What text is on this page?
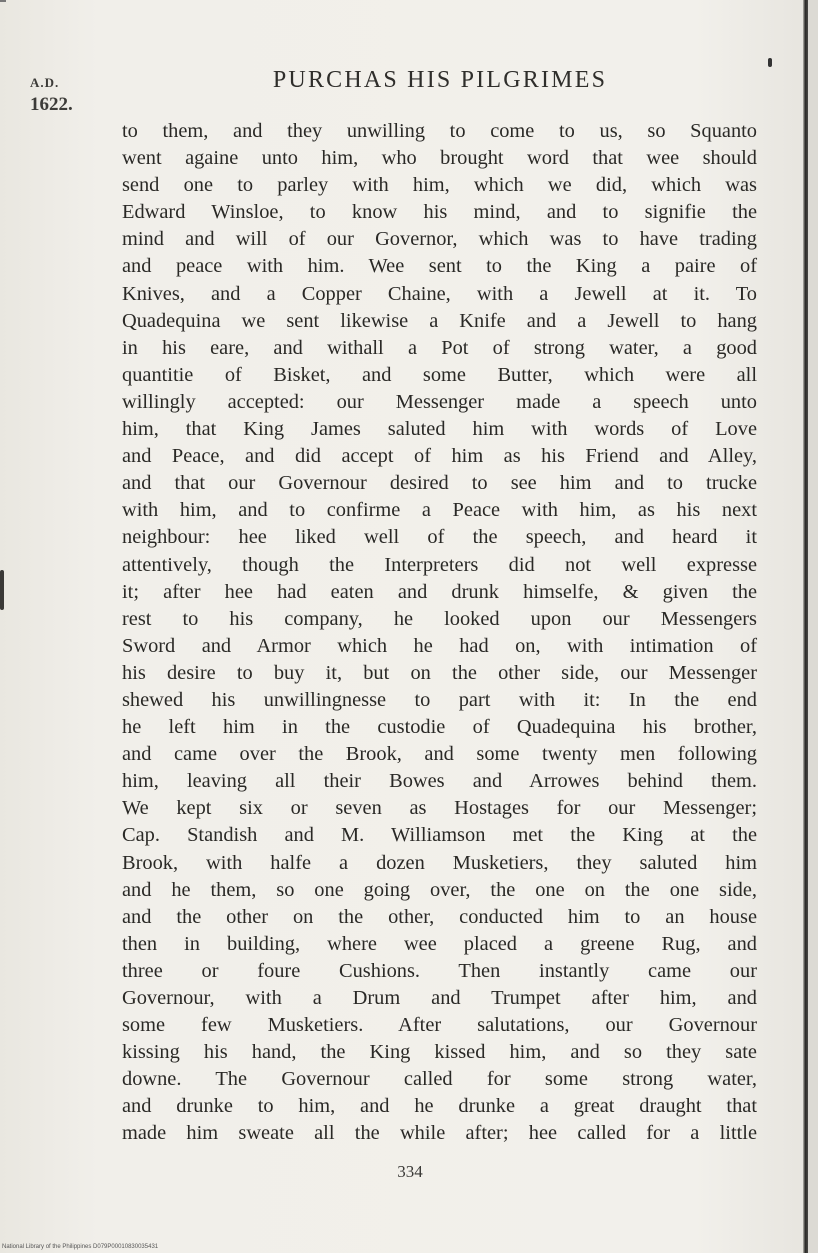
A.D.
1622.
PURCHAS HIS PILGRIMES
to them, and they unwilling to come to us, so Squanto
went againe unto him, who brought word that wee should
send one to parley with him, which we did, which was
Edward Winsloe, to know his mind, and to signifie the
mind and will of our Governor, which was to have trading
and peace with him. Wee sent to the King a paire of
Knives, and a Copper Chaine, with a Jewell at it. To
Quadequina we sent likewise a Knife and a Jewell to hang
in his eare, and withall a Pot of strong water, a good
quantitie of Bisket, and some Butter, which were all
willingly accepted: our Messenger made a speech unto
him, that King James saluted him with words of Love
and Peace, and did accept of him as his Friend and Alley,
and that our Governour desired to see him and to trucke
with him, and to confirme a Peace with him, as his next
neighbour: hee liked well of the speech, and heard it
attentively, though the Interpreters did not well expresse
it; after hee had eaten and drunk himselfe, & given the
rest to his company, he looked upon our Messengers
Sword and Armor which he had on, with intimation of
his desire to buy it, but on the other side, our Messenger
shewed his unwillingnesse to part with it: In the end
he left him in the custodie of Quadequina his brother,
and came over the Brook, and some twenty men following
him, leaving all their Bowes and Arrowes behind them.
We kept six or seven as Hostages for our Messenger;
Cap. Standish and M. Williamson met the King at the
Brook, with halfe a dozen Musketiers, they saluted him
and he them, so one going over, the one on the one side,
and the other on the other, conducted him to an house
then in building, where wee placed a greene Rug, and
three or foure Cushions. Then instantly came our
Governour, with a Drum and Trumpet after him, and
some few Musketiers. After salutations, our Governour
kissing his hand, the King kissed him, and so they sate
downe. The Governour called for some strong water,
and drunke to him, and he drunke a great draught that
made him sweate all the while after; hee called for a little
334
National Library of the Philippines D079P00010830035431
